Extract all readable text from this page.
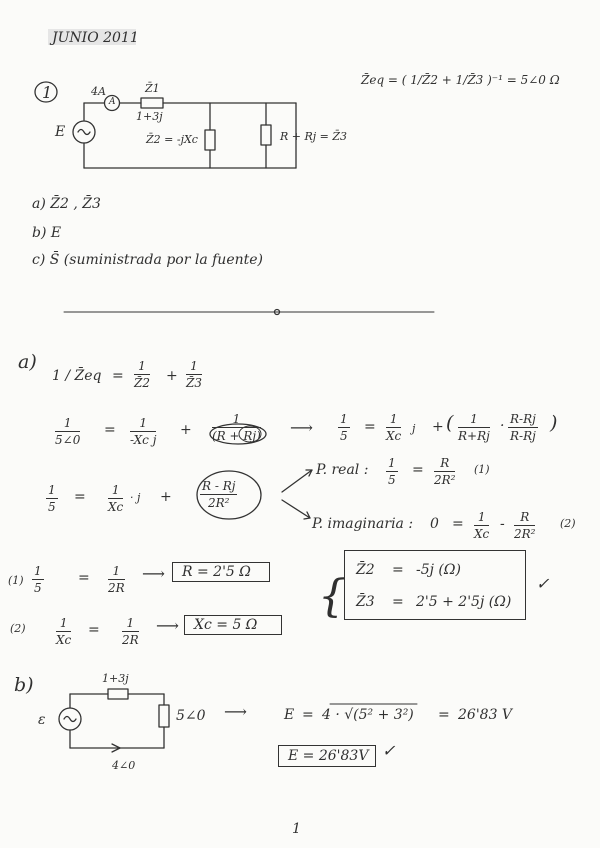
JUNIO 2011
1	4A
A
Z̄1
1+3j
E	Z̄2 = -jXc	R + Rj = Z̄3
Z̄eq = ( 1/Z̄2 + 1/Z̄3 )⁻¹ = 5∠0 Ω
a) Z̄2 , Z̄3
b) E
c) S̄ (suministrada por la fuente)
a)
1 / Z̄eq = $\frac{1}{Z̄2} + \frac{1}{Z̄3}$
$\frac{1}{5\angle 0} = \frac{1}{\text{-Xc j}} + \frac{1}{(R + Rj)}$ ⟶ $\frac{1}{5} = \frac{1}{Xc}$ j + ( $\frac{1}{R+Rj} \cdot \frac{R-Rj}{R-Rj}$ )
$\frac{1}{5} = \frac{1}{Xc} \cdot j + \frac{R - Rj}{\text{2R²}}$
P. real : $\frac{1}{5} = \frac{R}{\text{2R²}} (1)$
P. imaginaria : $0 = \frac{1}{Xc} - \frac{R}{\text{2R²}} (2)$
$(1) \frac{1}{5} = \frac{1}{2R}$ ⟶ R = 2'5 Ω
(2)	$\frac{1}{Xc} = \frac{1}{2R}$ ⟶ Xc = 5 Ω
{
Z̄2 = -5j (Ω)
Z̄3 = 2'5 + 2'5j (Ω)
✓
b)	1+3j
5∠0
4∠0
ε	⟶	E = 4 · √(5² + 3²) = 26'83 V
E = 26'83V ✓
1
